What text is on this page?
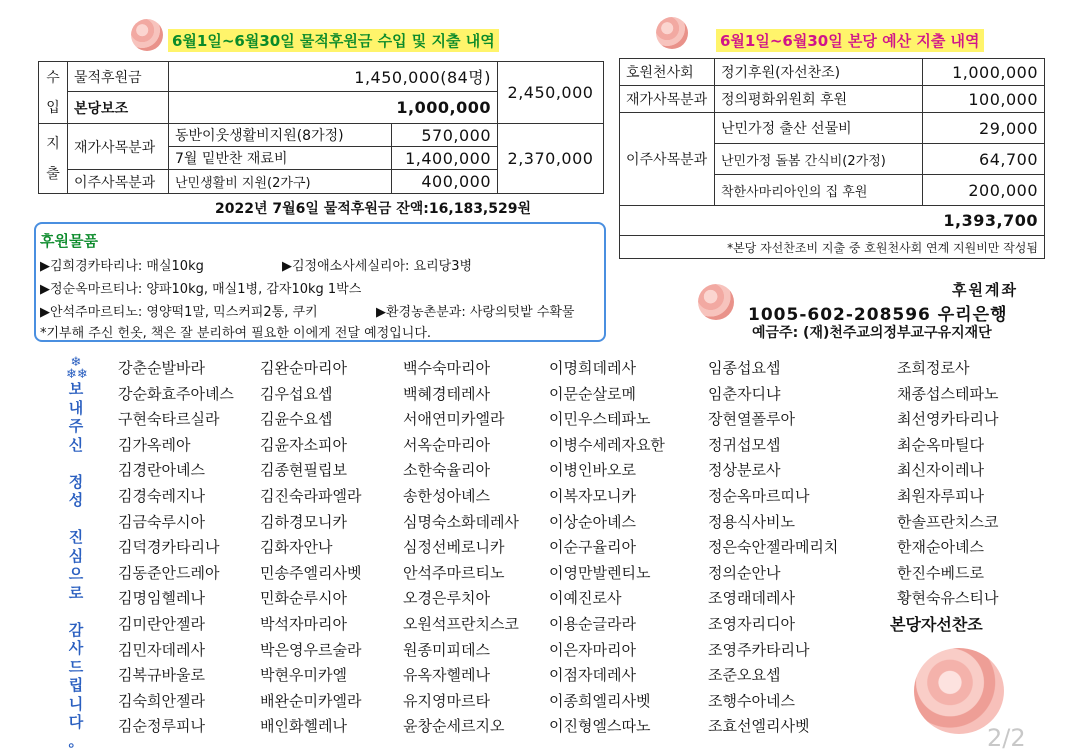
6월1일~6월30일 물적후원금 수입 및 지출 내역	6월1일~6월30일 본당 예산 지출 내역
수
입	물적후원금	1,450,000(84명)		2,450,000
	본당보조	1,000,000		
지
출	재가사목분과	동반이웃생활비지원(8가정)	570,000	2,370,000
		7월 밑반찬 재료비	1,400,000	
	이주사목분과	난민생활비 지원(2가구)	400,000	
2022년 7월6일 물적후원금 잔액:16,183,529원
후원물품
▶김희경카타리나: 매실10kg	▶김정애소사세실리아: 요리당3병
▶정순옥마르티나: 양파10kg, 매실1병, 감자10kg 1박스
▶안석주마르티노: 영양떡1말, 믹스커피2통, 쿠키	▶환경농촌분과: 사랑의텃밭 수확물
*기부해 주신 헌옷, 책은 잘 분리하여 필요한 이에게 전달 예정입니다.
호원천사회	정기후원(자선찬조)	1,000,000
재가사목분과	정의평화위원회 후원	100,000
이주사목분과	난민가정 출산 선물비	29,000
	난민가정 돌봄 간식비(2가정)	64,700
	착한사마리아인의 집 후원	200,000
1,393,700		
*본당 자선찬조비 지출 중 호원천사회 연계 지원비만 작성됨		
후원계좌
1005-602-208596 우리은행
예금주: (재)천주교의정부교구유지재단
❄
❄❄
보
내
주
신

정
성

진
심
으
로

감
사
드
립
니
다
。
강춘순발바라
강순화효주아녜스
구현숙타르실라
김가옥레아
김경란아녜스
김경숙레지나
김금숙루시아
김덕경카타리나
김동준안드레아
김명임헬레나
김미란안젤라
김민자데레사
김복규바울로
김숙희안젤라
김순정루피나
김완순마리아
김우섭요셉
김윤수요셉
김윤자소피아
김종현필립보
김진숙라파엘라
김하경모니카
김화자안나
민송주엘리사벳
민화순루시아
박석자마리아
박은영우르술라
박현우미카엘
배완순미카엘라
배인화헬레나
백수숙마리아
백혜경테레사
서애연미카엘라
서옥순마리아
소한숙율리아
송한성아녜스
심명숙소화데레사
심정선베로니카
안석주마르티노
오경은루치아
오원석프란치스코
원종미피데스
유옥자헬레나
유지영마르타
윤창순세르지오
이명희데레사
이문순살로메
이민우스테파노
이병수세레자요한
이병인바오로
이복자모니카
이상순아녜스
이순구율리아
이영만발렌티노
이예진로사
이용순글라라
이은자마리아
이점자데레사
이종희엘리사벳
이진형엘스따노
임종섭요셉
임춘자디냐
장현열폴루아
정귀섭모셉
정상분로사
정순옥마르띠나
정용식사비노
정은숙안젤라메리치
정의순안나
조영래데레사
조영자리디아
조영주카타리나
조준오요셉
조행수아네스
조효선엘리사벳
조희정로사
채종섭스테파노
최선영카타리나
최순옥마틸다
최신자이레나
최원자루피나
한솔프란치스코
한재순아녜스
한진수베드로
황현숙유스티나
본당자선찬조
2/2
